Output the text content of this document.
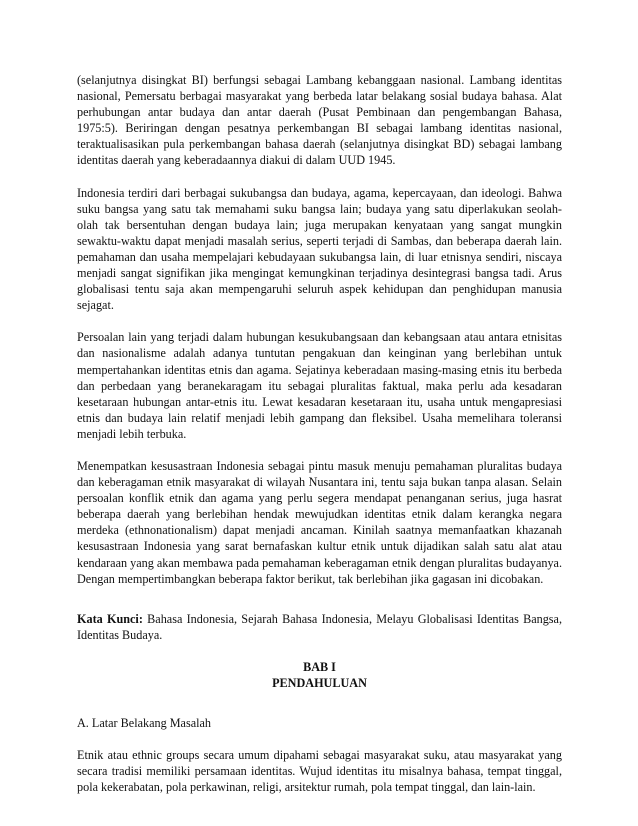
(selanjutnya disingkat BI) berfungsi sebagai Lambang kebanggaan nasional. Lambang identitas nasional, Pemersatu berbagai masyarakat yang berbeda latar belakang sosial budaya bahasa. Alat perhubungan antar budaya dan antar daerah (Pusat Pembinaan dan pengembangan Bahasa, 1975:5). Beriringan dengan pesatnya perkembangan BI sebagai lambang identitas nasional, teraktualisasikan pula perkembangan bahasa daerah (selanjutnya disingkat BD) sebagai lambang identitas daerah yang keberadaannya diakui di dalam UUD 1945.

Indonesia terdiri dari berbagai sukubangsa dan budaya, agama, kepercayaan, dan ideologi. Bahwa suku bangsa yang satu tak memahami suku bangsa lain; budaya yang satu diperlakukan seolah-olah tak bersentuhan dengan budaya lain; juga merupakan kenyataan yang sangat mungkin sewaktu-waktu dapat menjadi masalah serius, seperti terjadi di Sambas, dan beberapa daerah lain. pemahaman dan usaha mempelajari kebudayaan sukubangsa lain, di luar etnisnya sendiri, niscaya menjadi sangat signifikan jika mengingat kemungkinan terjadinya desintegrasi bangsa tadi. Arus globalisasi tentu saja akan mempengaruhi seluruh aspek kehidupan dan penghidupan manusia sejagat.

Persoalan lain yang terjadi dalam hubungan kesukubangsaan dan kebangsaan atau antara etnisitas dan nasionalisme adalah adanya tuntutan pengakuan dan keinginan yang berlebihan untuk mempertahankan identitas etnis dan agama. Sejatinya keberadaan masing-masing etnis itu berbeda dan perbedaan yang beranekaragam itu sebagai pluralitas faktual, maka perlu ada kesadaran kesetaraan hubungan antar-etnis itu. Lewat kesadaran kesetaraan itu, usaha untuk mengapresiasi etnis dan budaya lain relatif menjadi lebih gampang dan fleksibel. Usaha memelihara toleransi menjadi lebih terbuka.

Menempatkan kesusastraan Indonesia sebagai pintu masuk menuju pemahaman pluralitas budaya dan keberagaman etnik masyarakat di wilayah Nusantara ini, tentu saja bukan tanpa alasan. Selain persoalan konflik etnik dan agama yang perlu segera mendapat penanganan serius, juga hasrat beberapa daerah yang berlebihan hendak mewujudkan identitas etnik dalam kerangka negara merdeka (ethnonationalism) dapat menjadi ancaman. Kinilah saatnya memanfaatkan khazanah kesusastraan Indonesia yang sarat bernafaskan kultur etnik untuk dijadikan salah satu alat atau kendaraan yang akan membawa pada pemahaman keberagaman etnik dengan pluralitas budayanya. Dengan mempertimbangkan beberapa faktor berikut, tak berlebihan jika gagasan ini dicobakan.

Kata Kunci: Bahasa Indonesia, Sejarah Bahasa Indonesia, Melayu Globalisasi Identitas Bangsa, Identitas Budaya.

BAB I

PENDAHULUAN

A. Latar Belakang Masalah

Etnik atau ethnic groups secara umum dipahami sebagai masyarakat suku, atau masyarakat yang secara tradisi memiliki persamaan identitas. Wujud identitas itu misalnya bahasa, tempat tinggal, pola kekerabatan, pola perkawinan, religi, arsitektur rumah, pola tempat tinggal, dan lain-lain.
